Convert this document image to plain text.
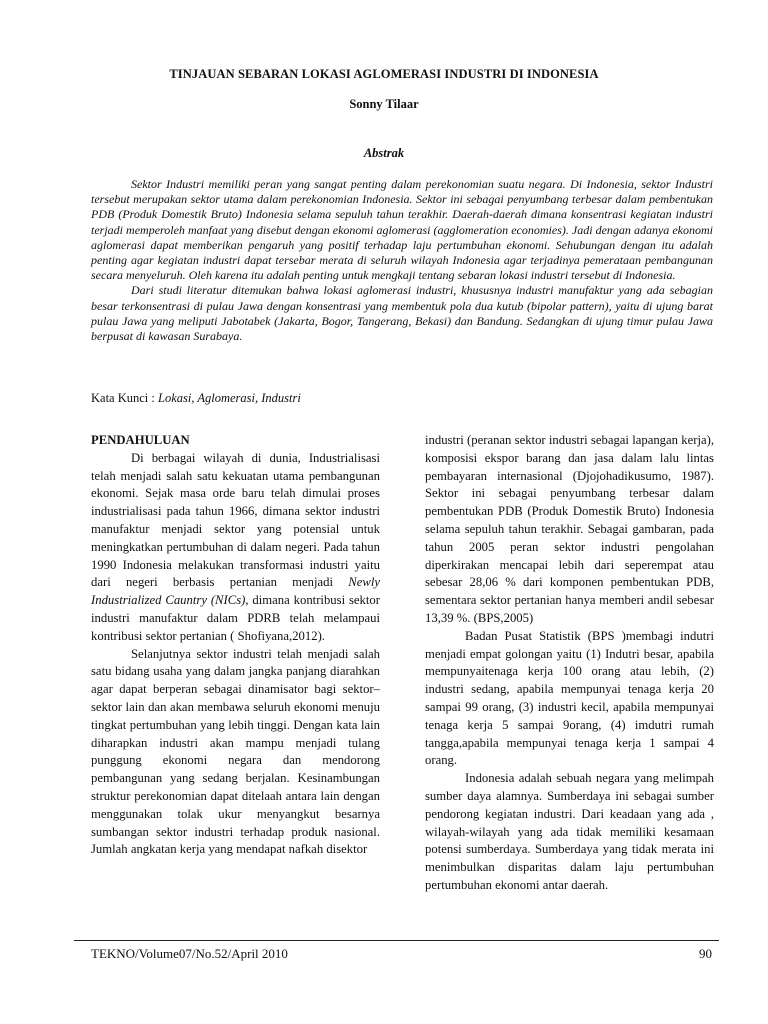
TINJAUAN SEBARAN LOKASI AGLOMERASI INDUSTRI DI INDONESIA
Sonny Tilaar
Abstrak

Sektor Industri memiliki peran yang sangat penting dalam perekonomian suatu negara. Di Indonesia, sektor Industri tersebut merupakan sektor utama dalam perekonomian Indonesia. Sektor ini sebagai penyumbang terbesar dalam pembentukan PDB (Produk Domestik Bruto) Indonesia selama sepuluh tahun terakhir. Daerah-daerah dimana konsentrasi kegiatan industri terjadi memperoleh manfaat yang disebut dengan ekonomi aglomerasi (agglomeration economies). Jadi dengan adanya ekonomi aglomerasi dapat memberikan pengaruh yang positif terhadap laju pertumbuhan ekonomi. Sehubungan dengan itu adalah penting agar kegiatan industri dapat tersebar merata di seluruh wilayah Indonesia agar terjadinya pemerataan pembangunan secara menyeluruh. Oleh karena itu adalah penting untuk mengkaji tentang sebaran lokasi industri tersebut di Indonesia.

Dari studi literatur ditemukan bahwa lokasi aglomerasi industri, khususnya industri manufaktur yang ada sebagian besar terkonsentrasi di pulau Jawa dengan konsentrasi yang membentuk pola dua kutub (bipolar pattern), yaitu di ujung barat pulau Jawa yang meliputi Jabotabek (Jakarta, Bogor, Tangerang, Bekasi) dan Bandung. Sedangkan di ujung timur pulau Jawa berpusat di kawasan Surabaya.

Kata Kunci : Lokasi, Aglomerasi, Industri

PENDAHULUAN

Di berbagai wilayah di dunia, Industrialisasi telah menjadi salah satu kekuatan utama pembangunan ekonomi. Sejak masa orde baru telah dimulai proses industrialisasi pada tahun 1966, dimana sektor industri manufaktur menjadi sektor yang potensial untuk meningkatkan pertumbuhan di dalam negeri. Pada tahun 1990 Indonesia melakukan transformasi industri yaitu dari negeri berbasis pertanian menjadi Newly Industrialized Cauntry (NICs), dimana kontribusi sektor industri manufaktur dalam PDRB telah melampaui kontribusi sektor pertanian ( Shofiyana,2012).

Selanjutnya sektor industri telah menjadi salah satu bidang usaha yang dalam jangka panjang diarahkan agar dapat berperan sebagai dinamisator bagi sektor–sektor lain dan akan membawa seluruh ekonomi menuju tingkat pertumbuhan yang lebih tinggi. Dengan kata lain diharapkan industri akan mampu menjadi tulang punggung ekonomi negara dan mendorong pembangunan yang sedang berjalan. Kesinambungan struktur perekonomian dapat ditelaah antara lain dengan menggunakan tolak ukur menyangkut besarnya sumbangan sektor industri terhadap produk nasional. Jumlah angkatan kerja yang mendapat nafkah disektor

industri (peranan sektor industri sebagai lapangan kerja), komposisi ekspor barang dan jasa dalam lalu lintas pembayaran internasional (Djojohadikusumo, 1987). Sektor ini sebagai penyumbang terbesar dalam pembentukan PDB (Produk Domestik Bruto) Indonesia selama sepuluh tahun terakhir. Sebagai gambaran, pada tahun 2005 peran sektor industri pengolahan diperkirakan mencapai lebih dari seperempat atau sebesar 28,06 % dari komponen pembentukan PDB, sementara sektor pertanian hanya memberi andil sebesar 13,39 %. (BPS,2005)

Badan Pusat Statistik (BPS )membagi indutri menjadi empat golongan yaitu (1) Indutri besar, apabila mempunyaitenaga kerja 100 orang atau lebih, (2) industri sedang, apabila mempunyai tenaga kerja 20 sampai 99 orang, (3) industri kecil, apabila mempunyai tenaga kerja 5 sampai 9orang, (4) imdutri rumah tangga,apabila mempunyai tenaga kerja 1 sampai 4 orang.

Indonesia adalah sebuah negara yang melimpah sumber daya alamnya. Sumberdaya ini sebagai sumber pendorong kegiatan industri. Dari keadaan yang ada , wilayah-wilayah yang ada tidak memiliki kesamaan potensi sumberdaya. Sumberdaya yang tidak merata ini menimbulkan disparitas dalam laju pertumbuhan pertumbuhan ekonomi antar daerah.

TEKNO/Volume07/No.52/April 2010	90
